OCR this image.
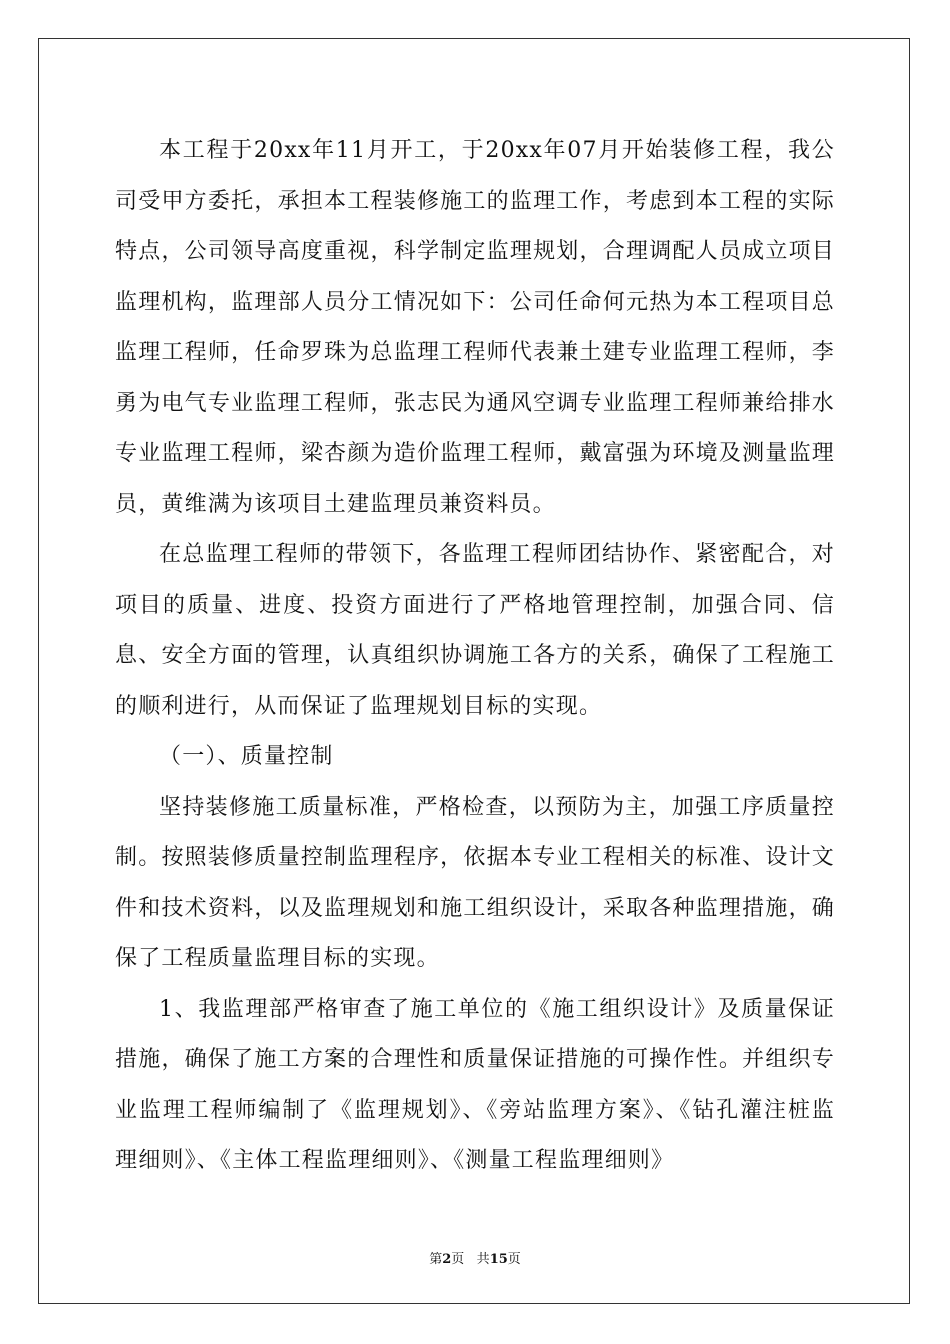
本工程于20xx年11月开工，于20xx年07月开始装修工程，我公司受甲方委托，承担本工程装修施工的监理工作，考虑到本工程的实际特点，公司领导高度重视，科学制定监理规划，合理调配人员成立项目监理机构，监理部人员分工情况如下：公司任命何元热为本工程项目总监理工程师，任命罗珠为总监理工程师代表兼土建专业监理工程师，李勇为电气专业监理工程师，张志民为通风空调专业监理工程师兼给排水专业监理工程师，梁杏颜为造价监理工程师，戴富强为环境及测量监理员，黄维满为该项目土建监理员兼资料员。

在总监理工程师的带领下，各监理工程师团结协作、紧密配合，对项目的质量、进度、投资方面进行了严格地管理控制，加强合同、信息、安全方面的管理，认真组织协调施工各方的关系，确保了工程施工的顺利进行，从而保证了监理规划目标的实现。

（一）、质量控制

坚持装修施工质量标准，严格检查，以预防为主，加强工序质量控制。按照装修质量控制监理程序，依据本专业工程相关的标准、设计文件和技术资料，以及监理规划和施工组织设计，采取各种监理措施，确保了工程质量监理目标的实现。

1、我监理部严格审查了施工单位的《施工组织设计》及质量保证措施，确保了施工方案的合理性和质量保证措施的可操作性。并组织专业监理工程师编制了《监理规划》、《旁站监理方案》、《钻孔灌注桩监理细则》、《主体工程监理细则》、《测量工程监理细则》

第2页 共15页
